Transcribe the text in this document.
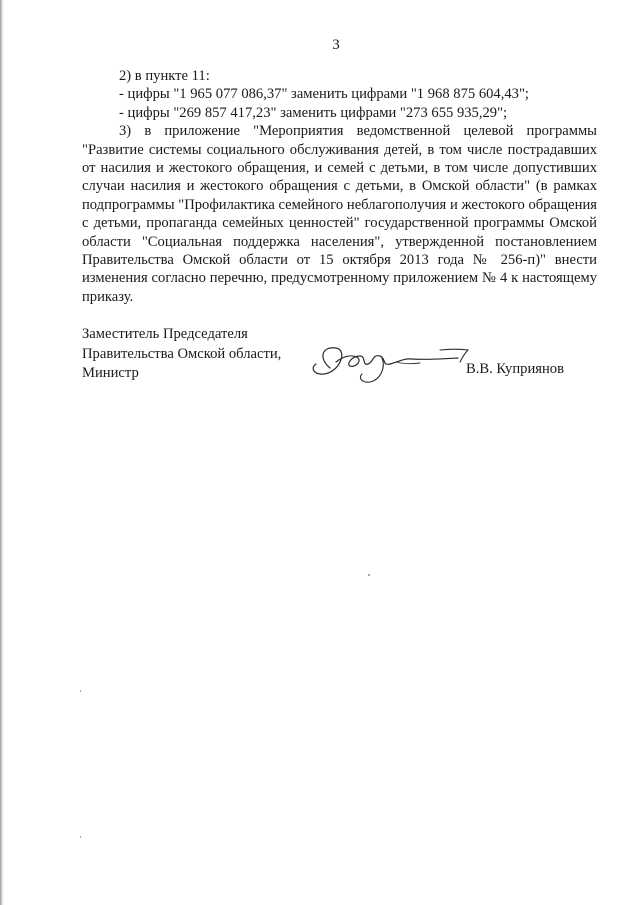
3

2) в пункте 11:

- цифры "1 965 077 086,37" заменить цифрами "1 968 875 604,43";

- цифры "269 857 417,23" заменить цифрами "273 655 935,29";

3) в приложение "Мероприятия ведомственной целевой программы "Развитие системы социального обслуживания детей, в том числе пострадавших от насилия и жестокого обращения, и семей с детьми, в том числе допустивших случаи насилия и жестокого обращения с детьми, в Омской области" (в рамках подпрограммы "Профилактика семейного неблагополучия и жестокого обращения с детьми, пропаганда семейных ценностей" государственной программы Омской области "Социальная поддержка населения", утвержденной постановлением Правительства Омской области от 15 октября 2013 года № 256-п)" внести изменения согласно перечню, предусмотренному приложением № 4 к настоящему приказу.

Заместитель Председателя
Правительства Омской области,
Министр	В.В. Куприянов
